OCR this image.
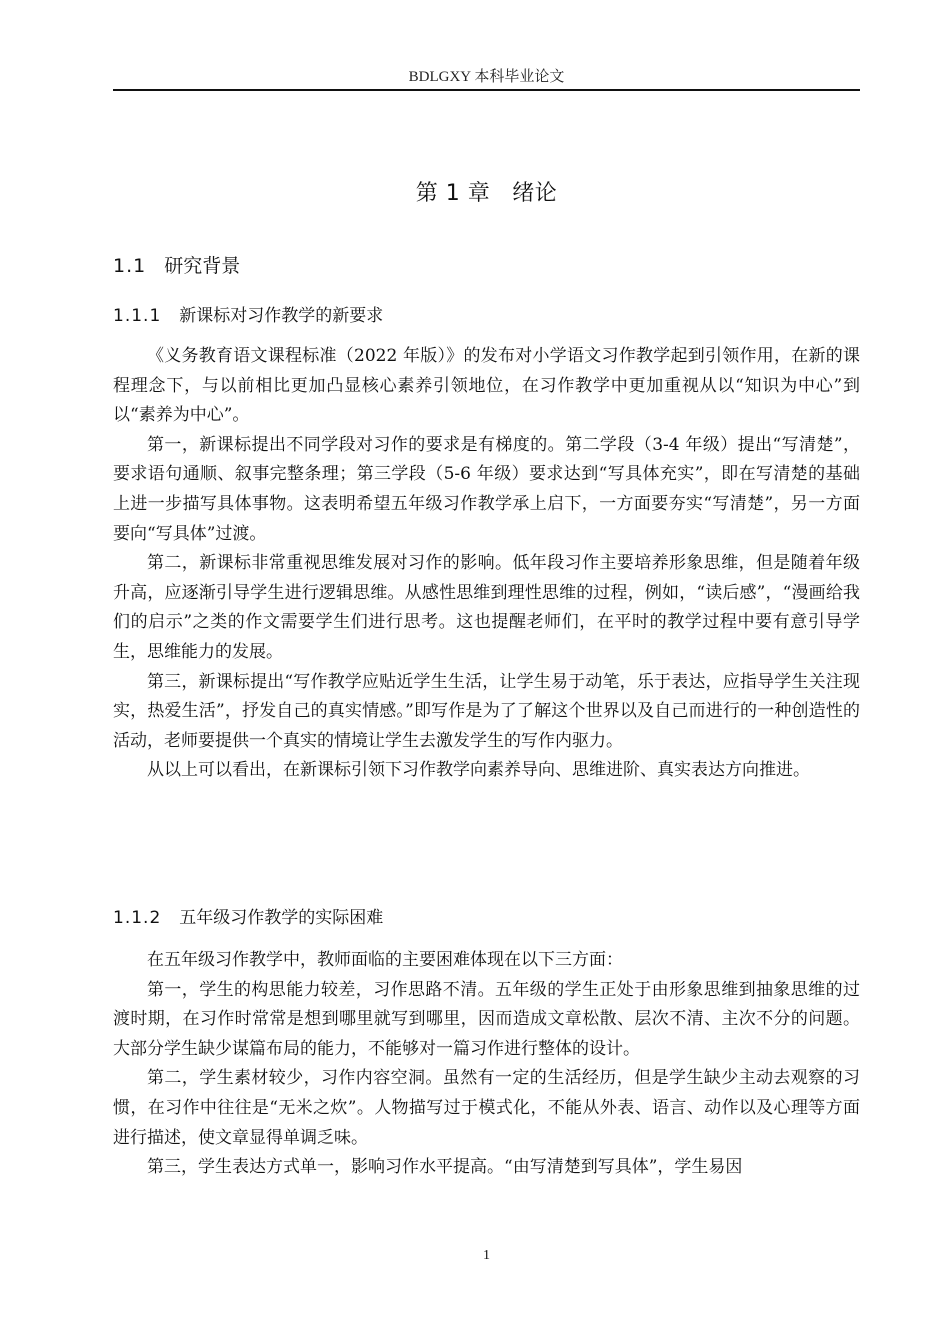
BDLGXY 本科毕业论文
第 1 章 绪论
1.1 研究背景
1.1.1 新课标对习作教学的新要求

《义务教育语文课程标准（2022 年版）》的发布对小学语文习作教学起到引领作用，在新的课程理念下，与以前相比更加凸显核心素养引领地位，在习作教学中更加重视从以“知识为中心”到以“素养为中心”。

第一，新课标提出不同学段对习作的要求是有梯度的。第二学段（3-4 年级）提出“写清楚”，要求语句通顺、叙事完整条理；第三学段（5-6 年级）要求达到“写具体充实”，即在写清楚的基础上进一步描写具体事物。这表明希望五年级习作教学承上启下，一方面要夯实“写清楚”，另一方面要向“写具体”过渡。

第二，新课标非常重视思维发展对习作的影响。低年段习作主要培养形象思维，但是随着年级升高，应逐渐引导学生进行逻辑思维。从感性思维到理性思维的过程，例如，“读后感”，“漫画给我们的启示”之类的作文需要学生们进行思考。这也提醒老师们，在平时的教学过程中要有意引导学生，思维能力的发展。

第三，新课标提出“写作教学应贴近学生生活，让学生易于动笔，乐于表达，应指导学生关注现实，热爱生活”，抒发自己的真实情感。”即写作是为了了解这个世界以及自己而进行的一种创造性的活动，老师要提供一个真实的情境让学生去激发学生的写作内驱力。

从以上可以看出，在新课标引领下习作教学向素养导向、思维进阶、真实表达方向推进。

1.1.2 五年级习作教学的实际困难

在五年级习作教学中，教师面临的主要困难体现在以下三方面：

第一，学生的构思能力较差，习作思路不清。五年级的学生正处于由形象思维到抽象思维的过渡时期，在习作时常常是想到哪里就写到哪里，因而造成文章松散、层次不清、主次不分的问题。大部分学生缺少谋篇布局的能力，不能够对一篇习作进行整体的设计。

第二，学生素材较少，习作内容空洞。虽然有一定的生活经历，但是学生缺少主动去观察的习惯，在习作中往往是“无米之炊”。人物描写过于模式化，不能从外表、语言、动作以及心理等方面进行描述，使文章显得单调乏味。

第三，学生表达方式单一，影响习作水平提高。“由写清楚到写具体”，学生易因

1
